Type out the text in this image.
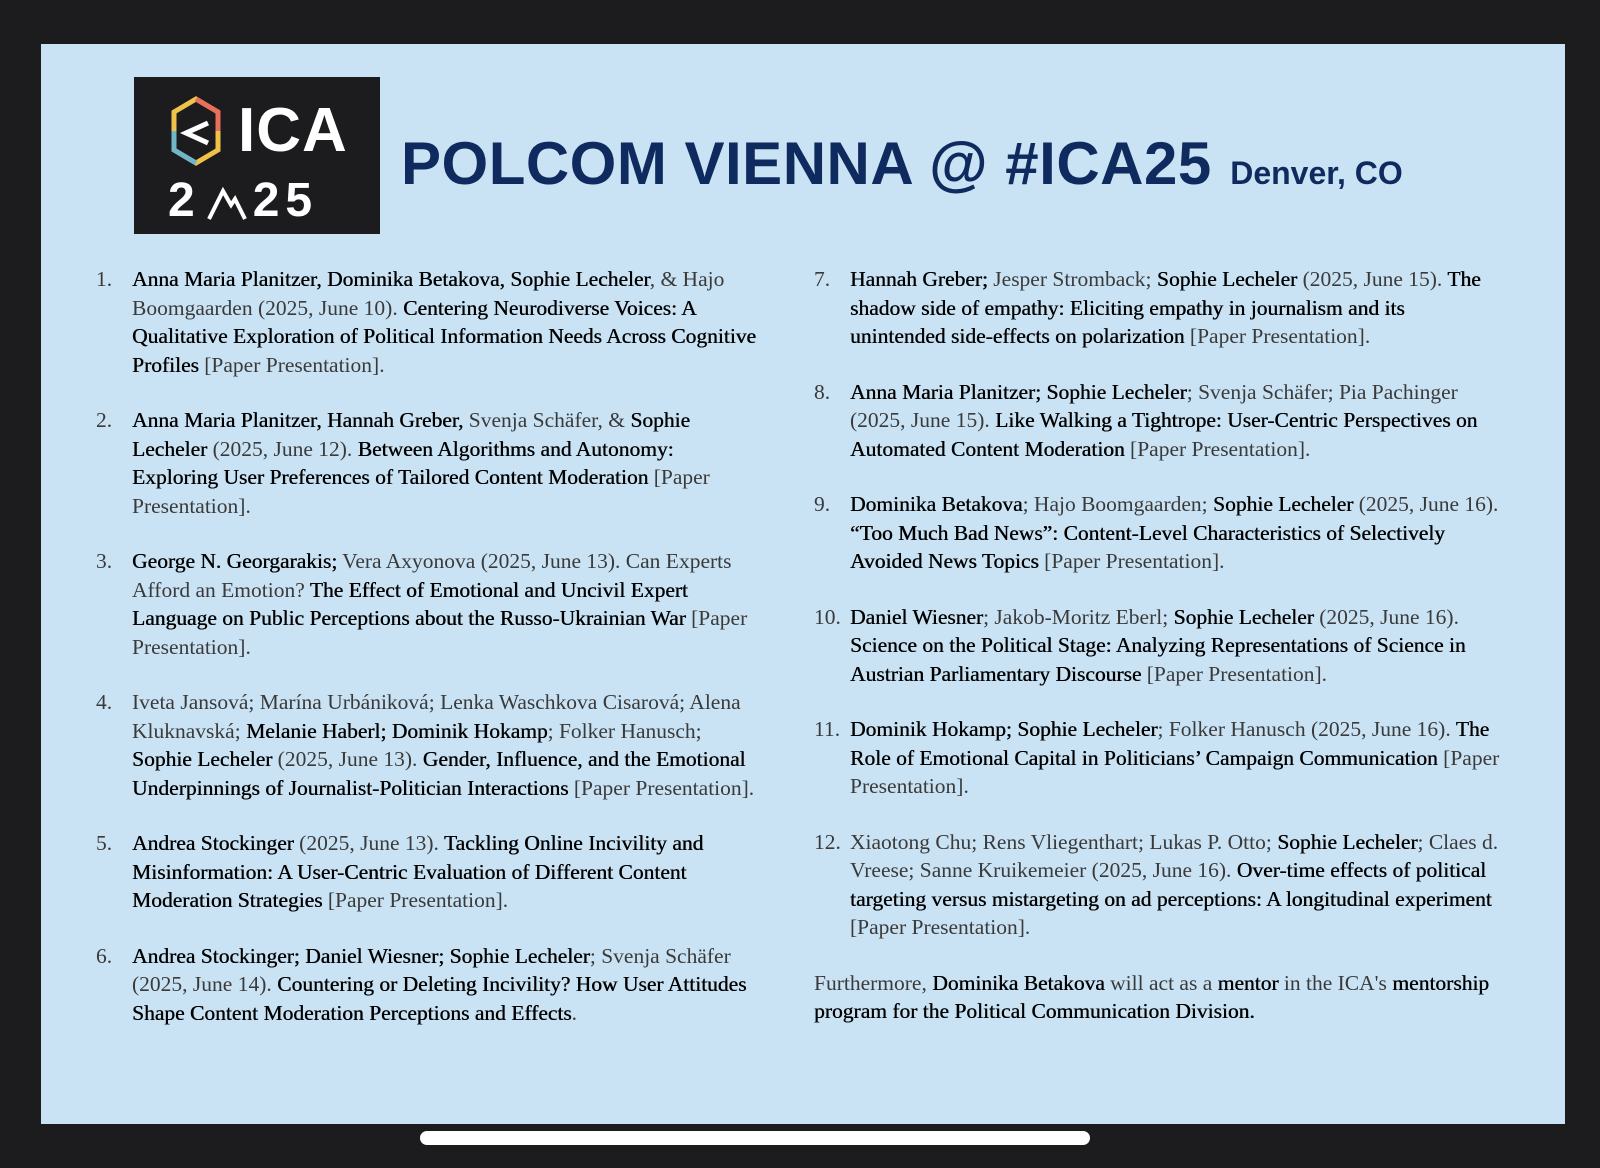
ICA
2 25
POLCOM VIENNA @ #ICA25 Denver, CO
1. Anna Maria Planitzer, Dominika Betakova, Sophie Lecheler, & Hajo Boomgaarden (2025, June 10). Centering Neurodiverse Voices: A Qualitative Exploration of Political Information Needs Across Cognitive Profiles [Paper Presentation].
2. Anna Maria Planitzer, Hannah Greber, Svenja Schäfer, & Sophie Lecheler (2025, June 12). Between Algorithms and Autonomy: Exploring User Preferences of Tailored Content Moderation [Paper Presentation].
3. George N. Georgarakis; Vera Axyonova (2025, June 13). Can Experts Afford an Emotion? The Effect of Emotional and Uncivil Expert Language on Public Perceptions about the Russo-Ukrainian War [Paper Presentation].
4. Iveta Jansová; Marína Urbániková; Lenka Waschkova Cisarová; Alena Kluknavská; Melanie Haberl; Dominik Hokamp; Folker Hanusch; Sophie Lecheler (2025, June 13). Gender, Influence, and the Emotional Underpinnings of Journalist-Politician Interactions [Paper Presentation].
5. Andrea Stockinger (2025, June 13). Tackling Online Incivility and Misinformation: A User-Centric Evaluation of Different Content Moderation Strategies [Paper Presentation].
6. Andrea Stockinger; Daniel Wiesner; Sophie Lecheler; Svenja Schäfer (2025, June 14). Countering or Deleting Incivility? How User Attitudes Shape Content Moderation Perceptions and Effects.
7. Hannah Greber; Jesper Stromback; Sophie Lecheler (2025, June 15). The shadow side of empathy: Eliciting empathy in journalism and its unintended side-effects on polarization [Paper Presentation].
8. Anna Maria Planitzer; Sophie Lecheler; Svenja Schäfer; Pia Pachinger (2025, June 15). Like Walking a Tightrope: User-Centric Perspectives on Automated Content Moderation [Paper Presentation].
9. Dominika Betakova; Hajo Boomgaarden; Sophie Lecheler (2025, June 16). “Too Much Bad News”: Content-Level Characteristics of Selectively Avoided News Topics [Paper Presentation].
10. Daniel Wiesner; Jakob-Moritz Eberl; Sophie Lecheler (2025, June 16). Science on the Political Stage: Analyzing Representations of Science in Austrian Parliamentary Discourse [Paper Presentation].
11. Dominik Hokamp; Sophie Lecheler; Folker Hanusch (2025, June 16). The Role of Emotional Capital in Politicians’ Campaign Communication [Paper Presentation].
12. Xiaotong Chu; Rens Vliegenthart; Lukas P. Otto; Sophie Lecheler; Claes d. Vreese; Sanne Kruikemeier (2025, June 16). Over-time effects of political targeting versus mistargeting on ad perceptions: A longitudinal experiment [Paper Presentation].
Furthermore, Dominika Betakova will act as a mentor in the ICA's mentorship program for the Political Communication Division.
